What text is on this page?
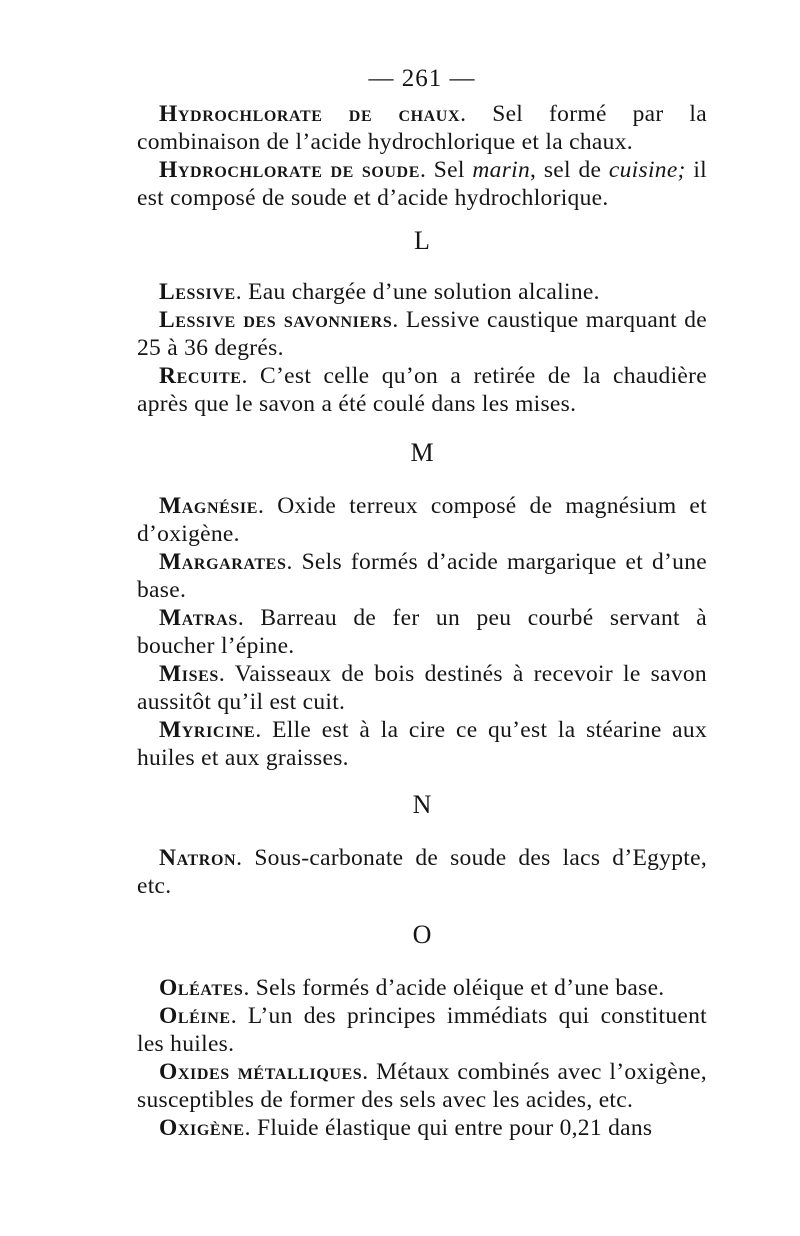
— 261 —

Hydrochlorate de chaux. Sel formé par la combinaison de l’acide hydrochlorique et la chaux.

Hydrochlorate de soude. Sel marin, sel de cuisine; il est composé de soude et d’acide hydrochlorique.

L

Lessive. Eau chargée d’une solution alcaline.

Lessive des savonniers. Lessive caustique marquant de 25 à 36 degrés.

Recuite. C’est celle qu’on a retirée de la chaudière après que le savon a été coulé dans les mises.

M

Magnésie. Oxide terreux composé de magnésium et d’oxigène.

Margarates. Sels formés d’acide margarique et d’une base.

Matras. Barreau de fer un peu courbé servant à boucher l’épine.

Mises. Vaisseaux de bois destinés à recevoir le savon aussitôt qu’il est cuit.

Myricine. Elle est à la cire ce qu’est la stéarine aux huiles et aux graisses.

N

Natron. Sous-carbonate de soude des lacs d’Egypte, etc.

O

Oléates. Sels formés d’acide oléique et d’une base.

Oléine. L’un des principes immédiats qui constituent les huiles.

Oxides métalliques. Métaux combinés avec l’oxigène, susceptibles de former des sels avec les acides, etc.

Oxigène. Fluide élastique qui entre pour 0,21 dans
